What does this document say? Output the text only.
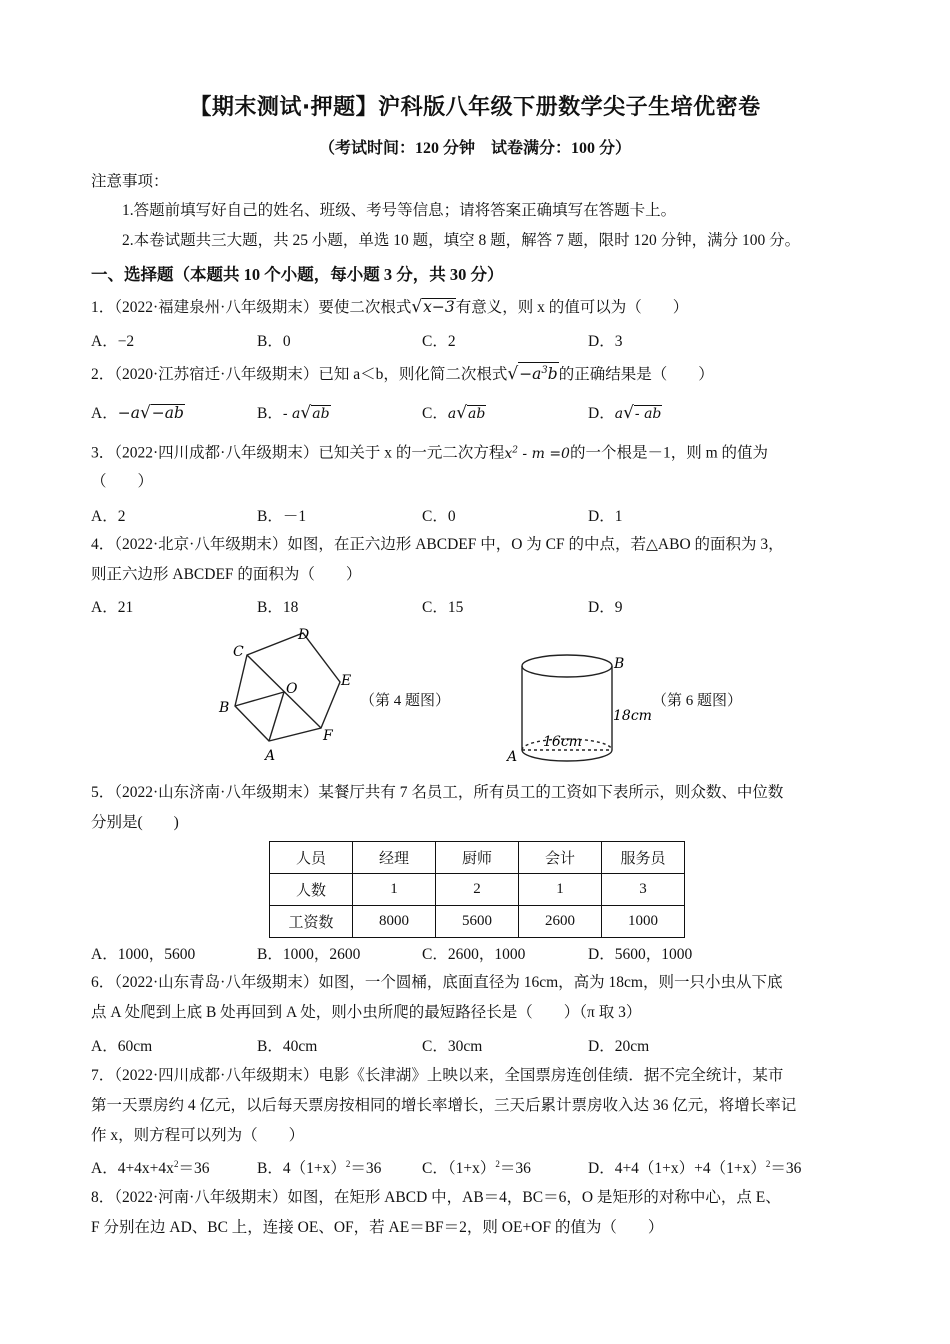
【期末测试·押题】沪科版八年级下册数学尖子生培优密卷
（考试时间：120 分钟　试卷满分：100 分）
注意事项：
1.答题前填写好自己的姓名、班级、考号等信息；请将答案正确填写在答题卡上。
2.本卷试题共三大题，共 25 小题，单选 10 题，填空 8 题，解答 7 题，限时 120 分钟，满分 100 分。
一、选择题（本题共 10 个小题，每小题 3 分，共 30 分）
1．（2022·福建泉州·八年级期末）要使二次根式√x−3有意义，则 x 的值可以为（　　）
A．−2	B．0	C．2	D．3
2．（2020·江苏宿迁·八年级期末）已知 a＜b，则化简二次根式$√-a^3b$的正确结果是（　　）
A．−a√−ab	B．- a√ab	C．a√ab	D．a√- ab
3．（2022·四川成都·八年级期末）已知关于 x 的一元二次方程$x^2 - m =0$的一个根是－1，则 m 的值为
（　　）
A．2	B．－1	C．0	D．1
4．（2022·北京·八年级期末）如图，在正六边形 ABCDEF 中，O 为 CF 的中点，若△ABO 的面积为 3，
则正六边形 ABCDEF 的面积为（　　）
A．21	B．18	C．15	D．9
A
B
C
D
E
F
O
（第 4 题图）
B
A
18cm
16cm
（第 6 题图）
5．（2022·山东济南·八年级期末）某餐厅共有 7 名员工，所有员工的工资如下表所示，则众数、中位数
分别是(　　)
人员	经理	厨师	会计	服务员
人数	1	2	1	3
工资数	8000	5600	2600	1000
A．1000，5600	B．1000，2600	C．2600，1000	D．5600，1000
6．（2022·山东青岛·八年级期末）如图，一个圆桶，底面直径为 16cm，高为 18cm，则一只小虫从下底
点 A 处爬到上底 B 处再回到 A 处，则小虫所爬的最短路径长是（　　）（π 取 3）
A．60cm	B．40cm	C．30cm	D．20cm
7．（2022·四川成都·八年级期末）电影《长津湖》上映以来，全国票房连创佳绩．据不完全统计，某市
第一天票房约 4 亿元，以后每天票房按相同的增长率增长，三天后累计票房收入达 36 亿元，将增长率记
作 x，则方程可以列为（　　）
A．$4+4x+4x^2=36$	B．$4(1+x)^2=36$	C．$(1+x)^2=36$	D．$4+4(1+x)+4(1+x)^2=36$
8．（2022·河南·八年级期末）如图，在矩形 ABCD 中，AB＝4，BC＝6，O 是矩形的对称中心，点 E、
F 分别在边 AD、BC 上，连接 OE、OF，若 AE＝BF＝2，则 OE+OF 的值为（　　）
